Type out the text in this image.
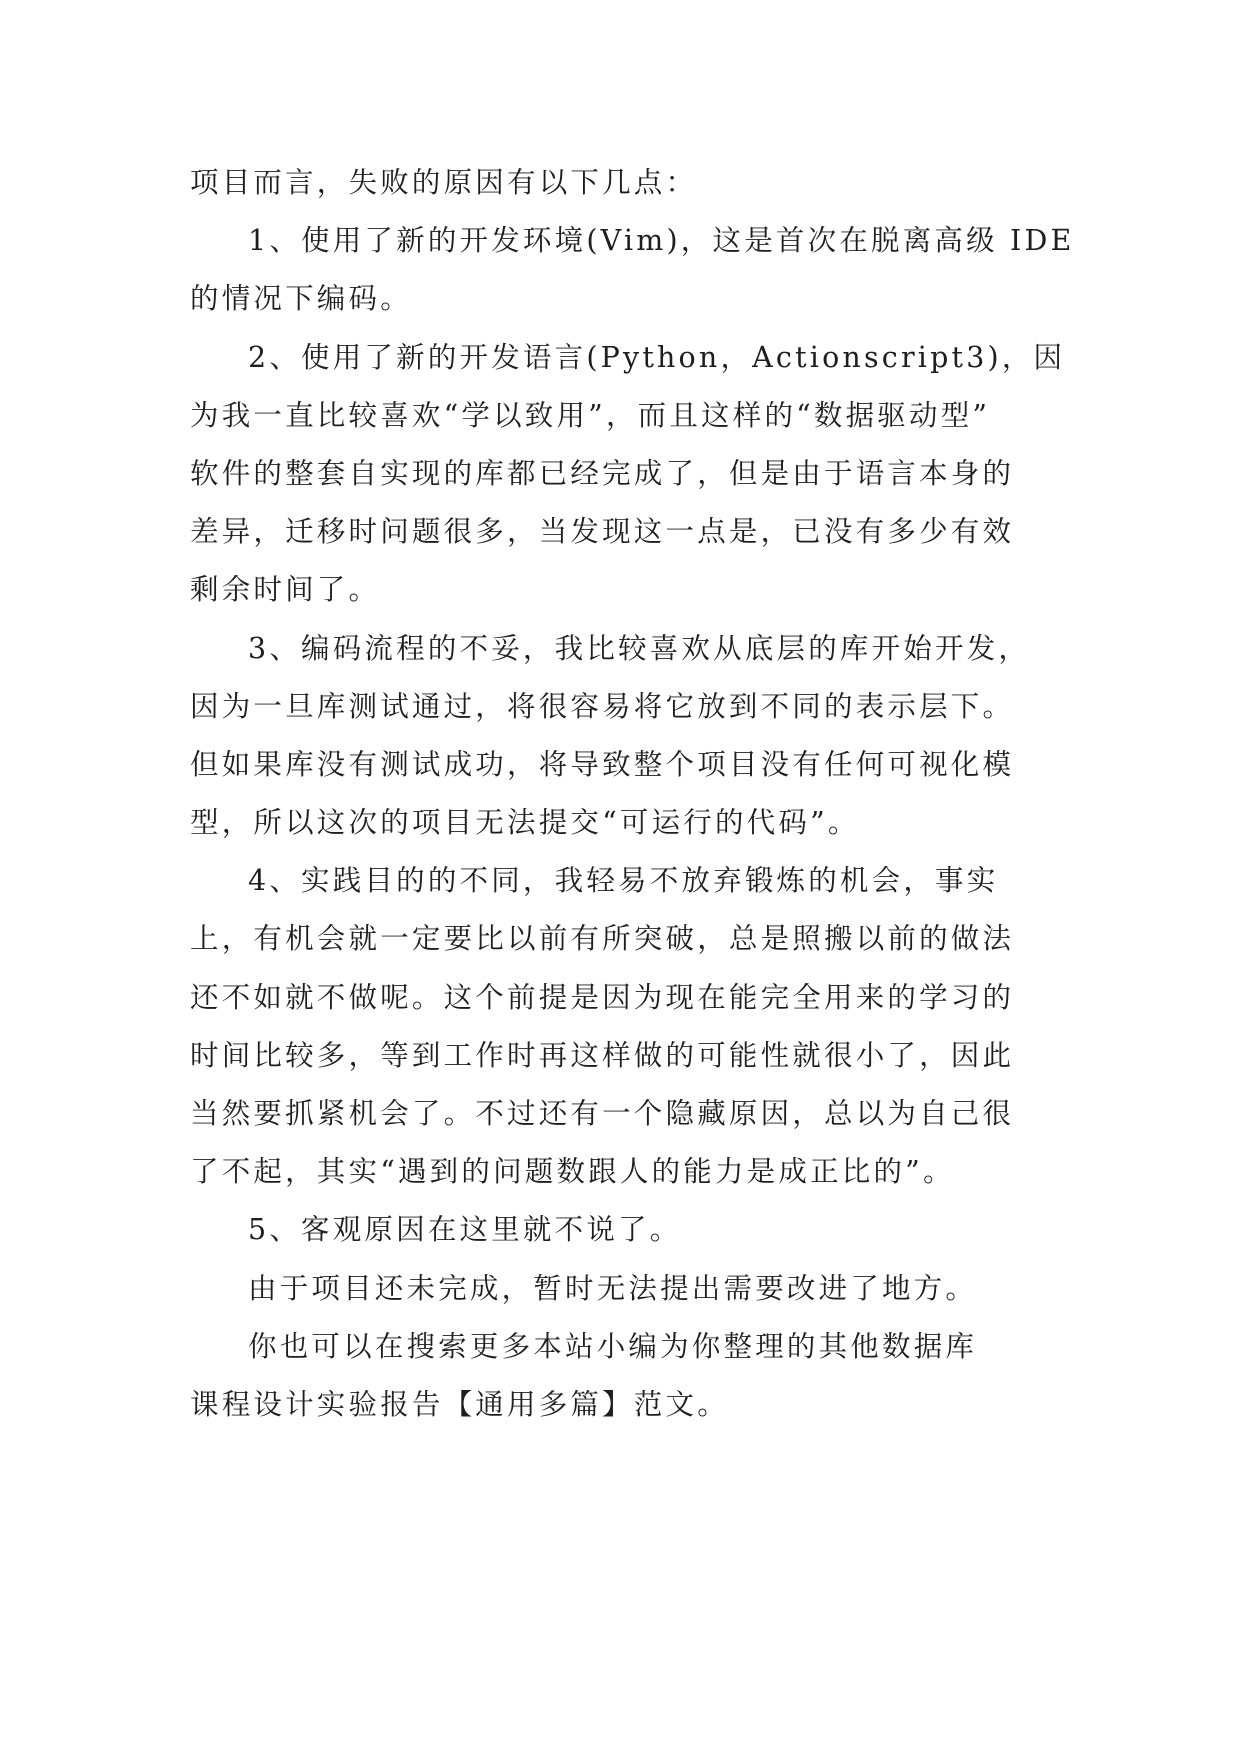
项目而言，失败的原因有以下几点：
1、使用了新的开发环境(Vim)，这是首次在脱离高级 IDE
的情况下编码。
2、使用了新的开发语言(Python，Actionscript3)，因
为我一直比较喜欢“学以致用”，而且这样的“数据驱动型”
软件的整套自实现的库都已经完成了，但是由于语言本身的
差异，迁移时问题很多，当发现这一点是，已没有多少有效
剩余时间了。
3、编码流程的不妥，我比较喜欢从底层的库开始开发，
因为一旦库测试通过，将很容易将它放到不同的表示层下。
但如果库没有测试成功，将导致整个项目没有任何可视化模
型，所以这次的项目无法提交“可运行的代码”。
4、实践目的的不同，我轻易不放弃锻炼的机会，事实
上，有机会就一定要比以前有所突破，总是照搬以前的做法
还不如就不做呢。这个前提是因为现在能完全用来的学习的
时间比较多，等到工作时再这样做的可能性就很小了，因此
当然要抓紧机会了。不过还有一个隐藏原因，总以为自己很
了不起，其实“遇到的问题数跟人的能力是成正比的”。
5、客观原因在这里就不说了。
由于项目还未完成，暂时无法提出需要改进了地方。
你也可以在搜索更多本站小编为你整理的其他数据库
课程设计实验报告【通用多篇】范文。
